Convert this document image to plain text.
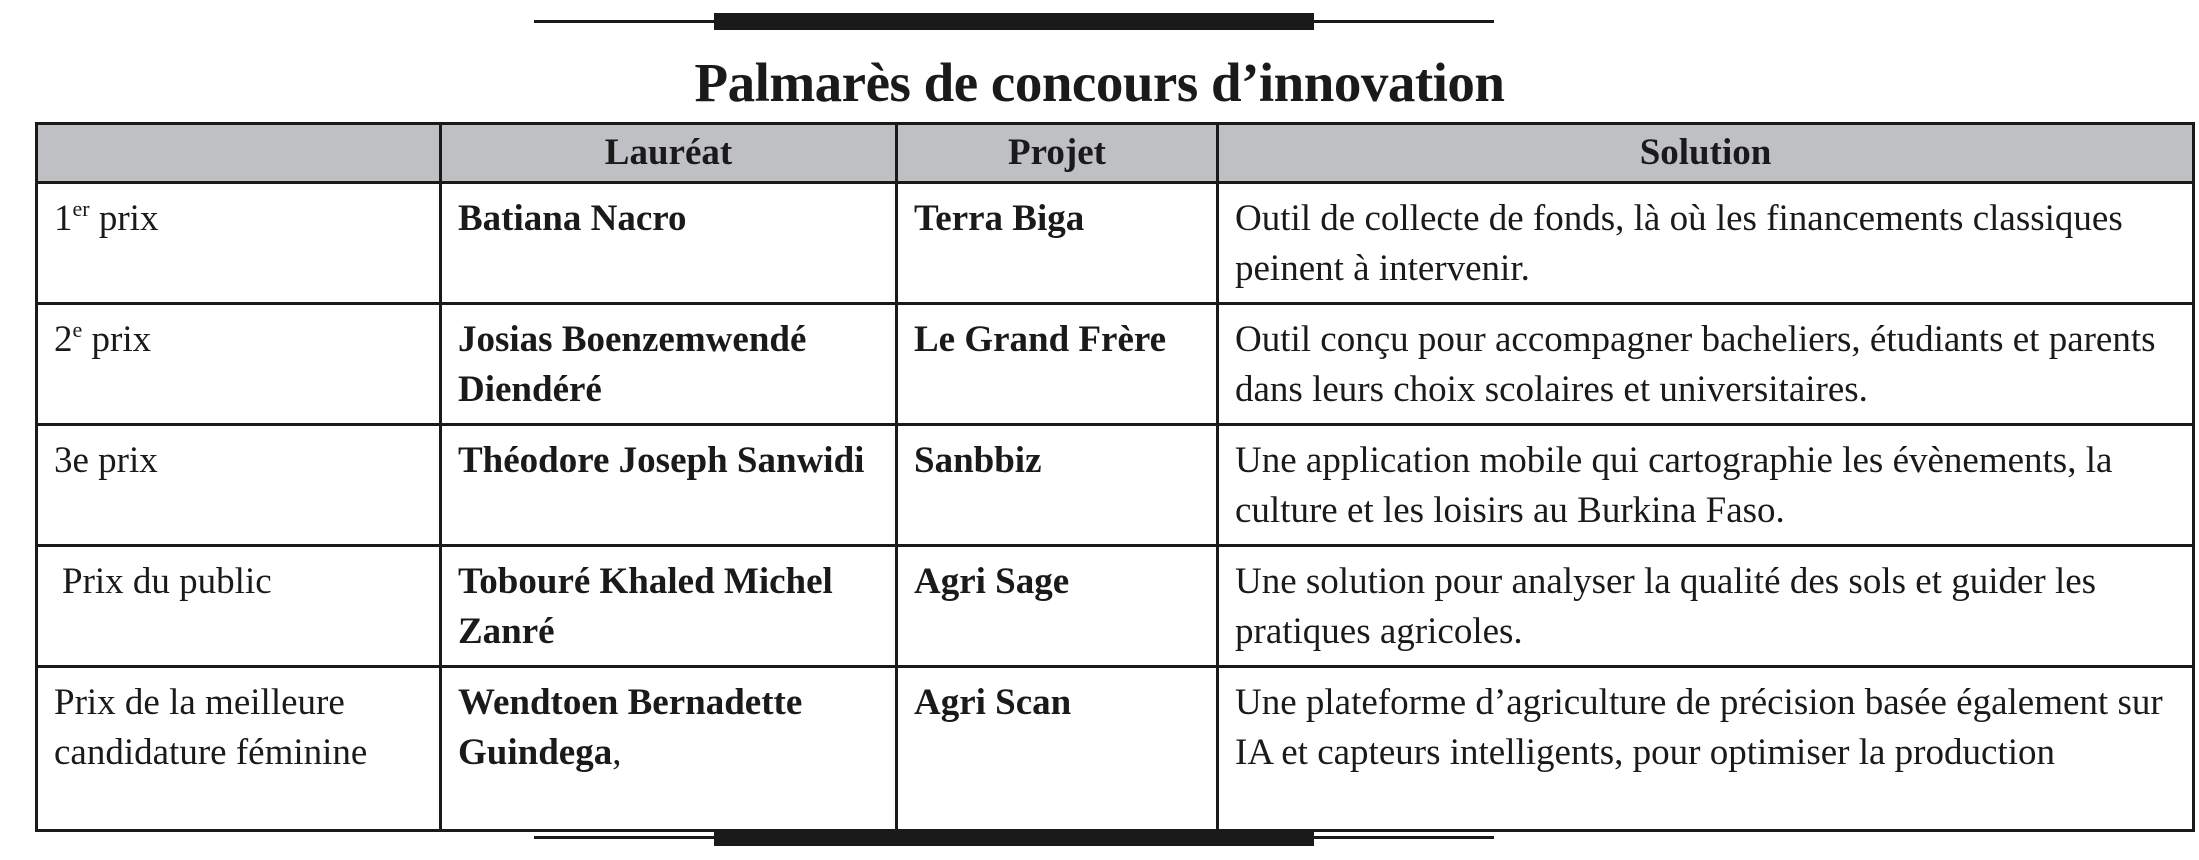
Palmarès de concours d’innovation
	Lauréat	Projet	Solution
1er prix	Batiana Nacro	Terra Biga	Outil de collecte de fonds, là où les financements classiques peinent à intervenir.
2e prix	Josias Boenzemwendé Diendéré	Le Grand Frère	Outil conçu pour accompagner bacheliers, étudiants et parents dans leurs choix scolaires et universitaires.
3e prix	Théodore Joseph Sanwidi	Sanbbiz	Une application mobile qui cartographie les évènements, la culture et les loisirs au Burkina Faso.
Prix du public	Tobouré Khaled Michel Zanré	Agri Sage	Une solution pour analyser la qualité des sols et guider les pratiques agricoles.
Prix de la meilleure candidature féminine	Wendtoen Bernadette Guindega,	Agri Scan	Une plateforme d’agriculture de précision basée également sur IA et capteurs intelligents, pour optimiser la production
